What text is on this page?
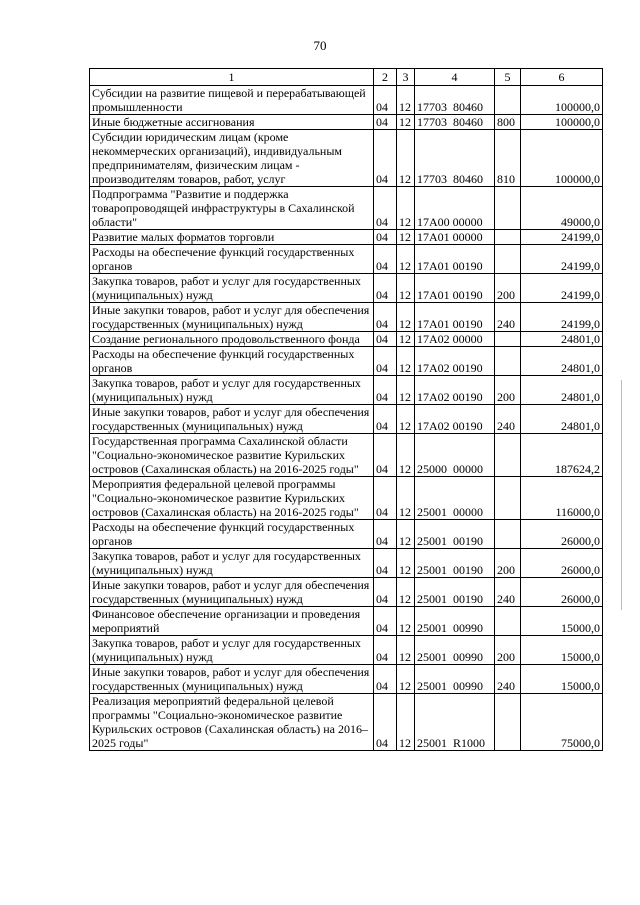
70
1	2	3	4	5	6
Субсидии на развитие пищевой и перерабатывающей промышленности	04	12	17703  80460		100000,0
Иные бюджетные ассигнования	04	12	17703  80460	800	100000,0
Субсидии юридическим лицам (кроме некоммерческих организаций), индивидуальным предпринимателям, физическим лицам - производителям товаров, работ, услуг	04	12	17703  80460	810	100000,0
Подпрограмма "Развитие и поддержка товаропроводящей инфраструктуры в Сахалинской области"	04	12	17А00 00000		49000,0
Развитие малых форматов торговли	04	12	17А01 00000		24199,0
Расходы на обеспечение функций государственных органов	04	12	17А01 00190		24199,0
Закупка товаров, работ и услуг для государственных (муниципальных) нужд	04	12	17А01 00190	200	24199,0
Иные закупки товаров, работ и услуг для обеспечения государственных (муниципальных) нужд	04	12	17А01 00190	240	24199,0
Создание регионального продовольственного фонда	04	12	17А02 00000		24801,0
Расходы на обеспечение функций государственных органов	04	12	17А02 00190		24801,0
Закупка товаров, работ и услуг для государственных (муниципальных) нужд	04	12	17А02 00190	200	24801,0
Иные закупки товаров, работ и услуг для обеспечения государственных (муниципальных) нужд	04	12	17А02 00190	240	24801,0
Государственная программа Сахалинской области "Социально-экономическое развитие Курильских островов (Сахалинская область) на 2016-2025 годы"	04	12	25000  00000		187624,2
Мероприятия федеральной целевой программы "Социально-экономическое развитие Курильских островов (Сахалинская область) на 2016-2025 годы"	04	12	25001  00000		116000,0
Расходы на обеспечение функций государственных органов	04	12	25001  00190		26000,0
Закупка товаров, работ и услуг для государственных (муниципальных) нужд	04	12	25001  00190	200	26000,0
Иные закупки товаров, работ и услуг для обеспечения государственных (муниципальных) нужд	04	12	25001  00190	240	26000,0
Финансовое обеспечение организации и проведения мероприятий	04	12	25001  00990		15000,0
Закупка товаров, работ и услуг для государственных (муниципальных) нужд	04	12	25001  00990	200	15000,0
Иные закупки товаров, работ и услуг для обеспечения государственных (муниципальных) нужд	04	12	25001  00990	240	15000,0
Реализация мероприятий федеральной целевой программы "Социально-экономическое развитие Курильских островов (Сахалинская область) на 2016–2025 годы"	04	12	25001  R1000		75000,0
